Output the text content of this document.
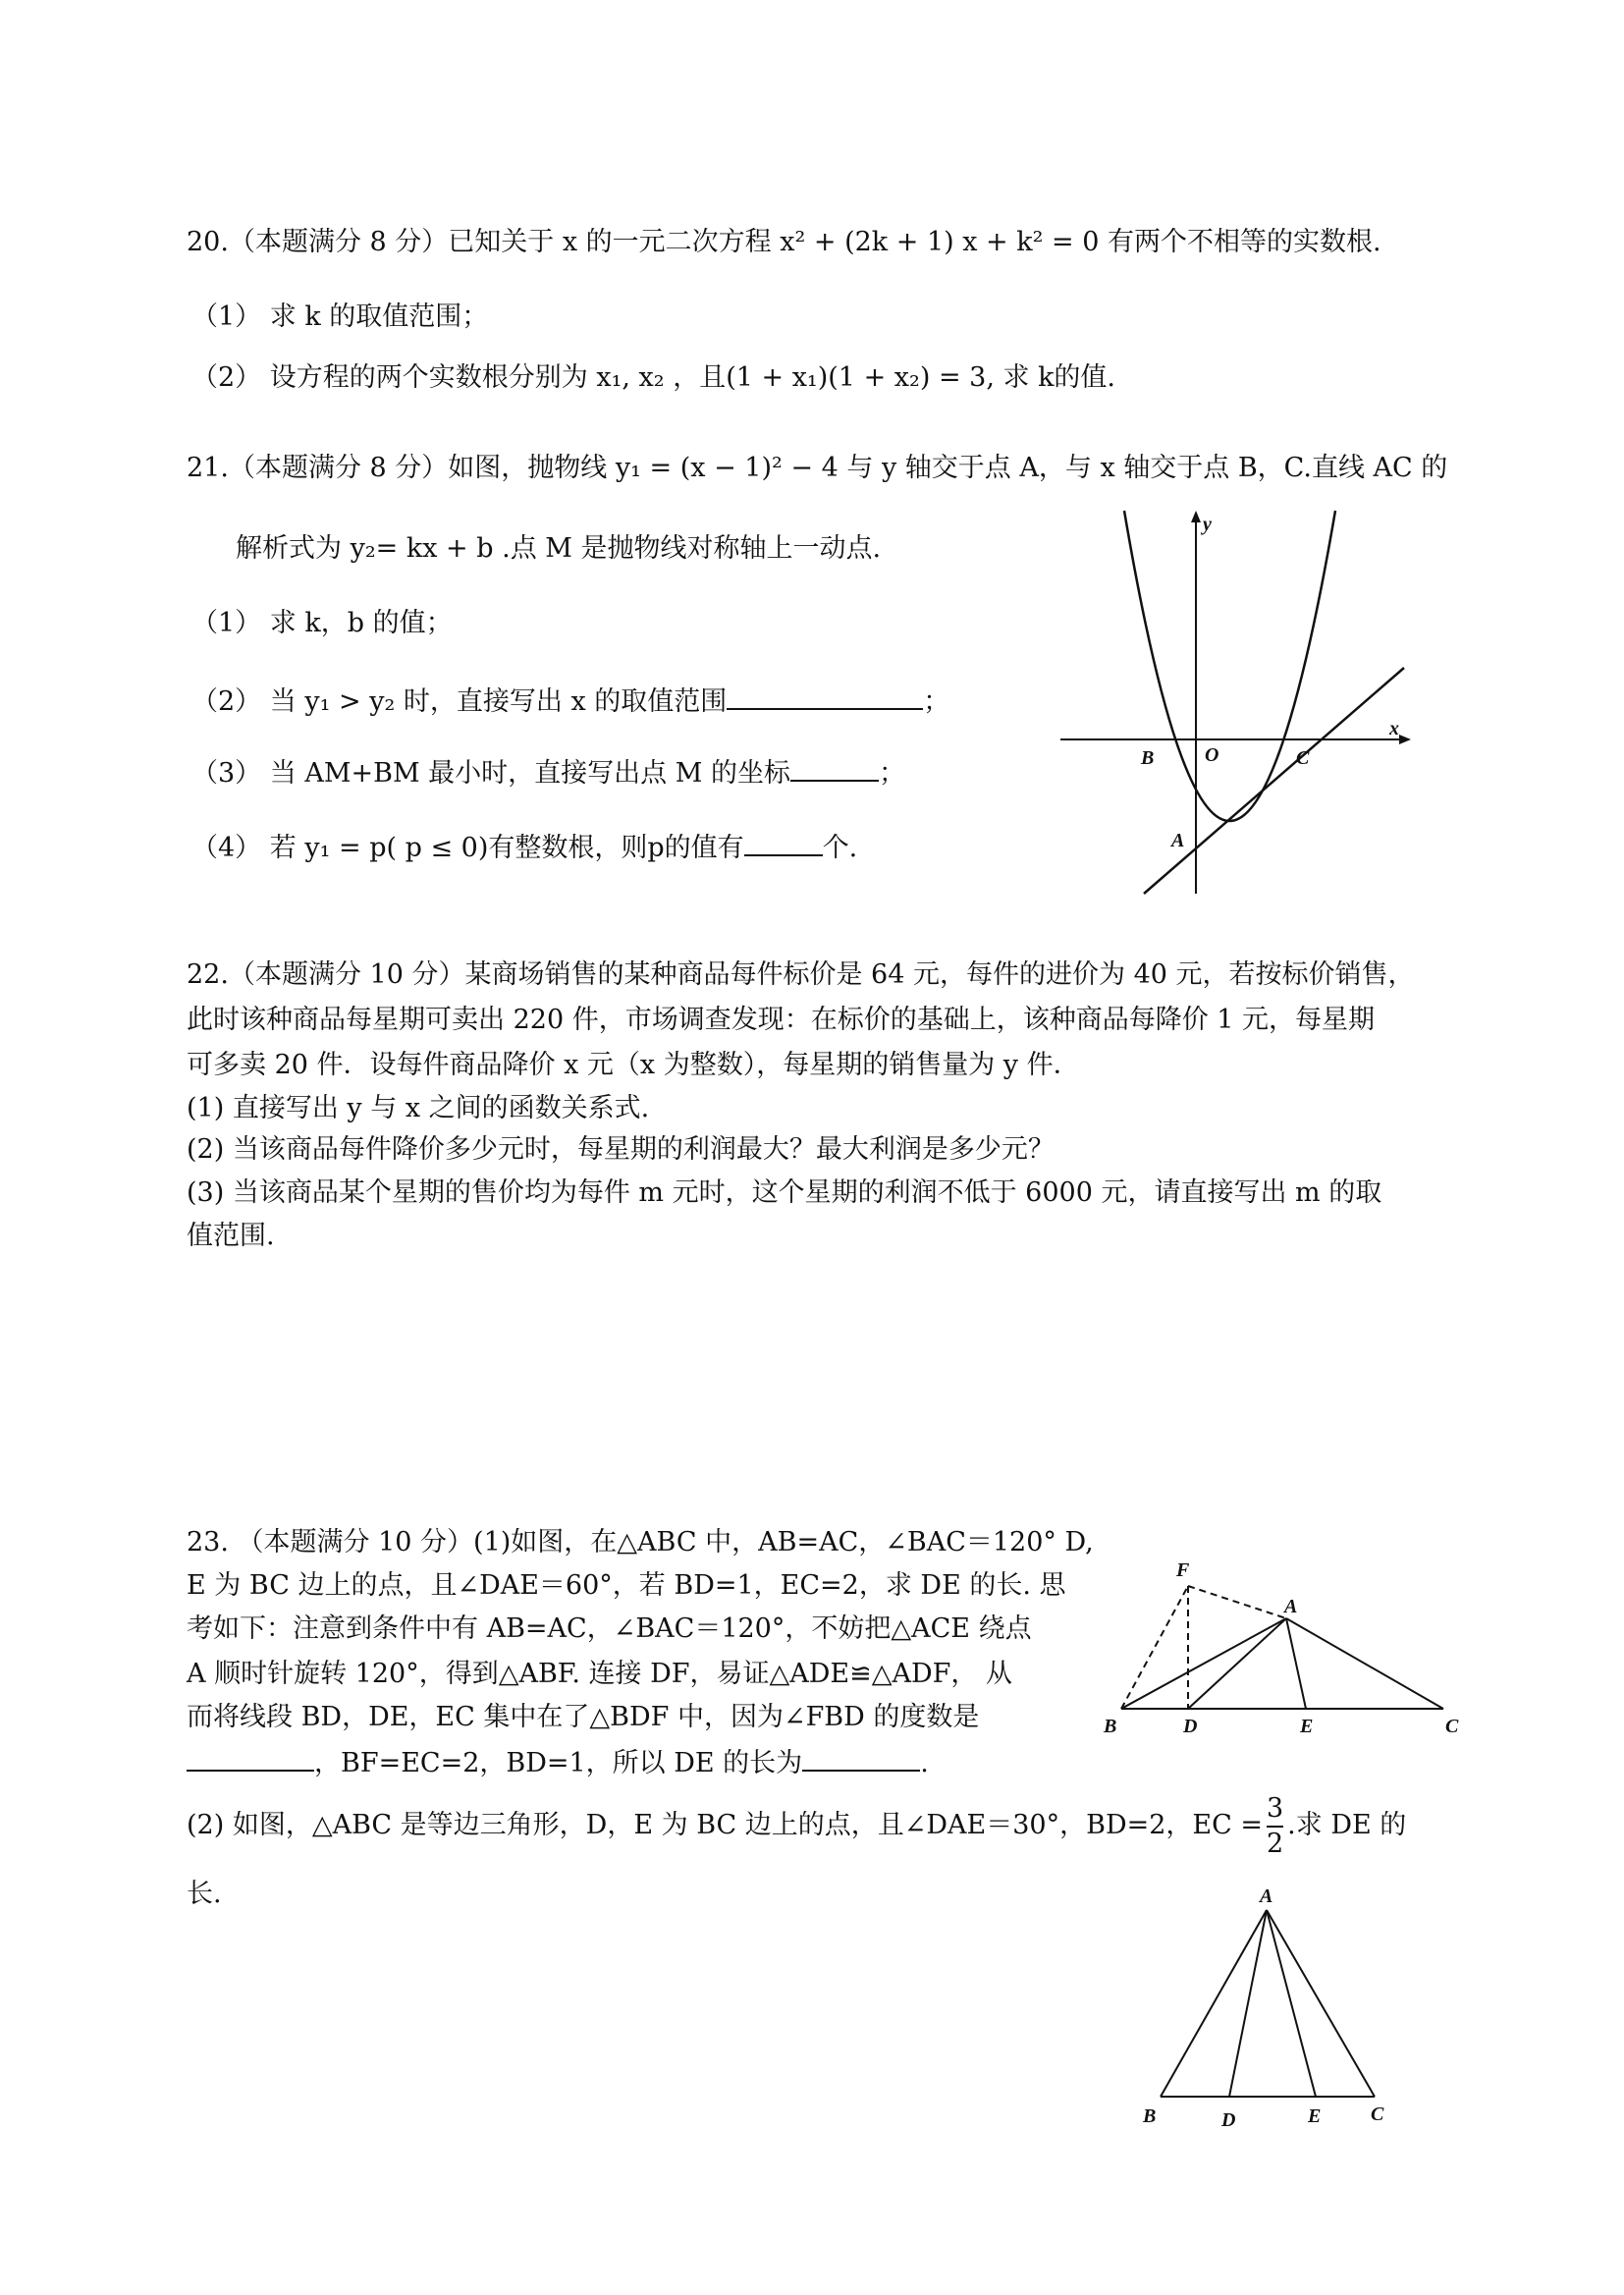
20.（本题满分 8 分）已知关于 x 的一元二次方程 x² + (2k + 1) x + k² = 0 有两个不相等的实数根.
（1） 求 k 的取值范围；
（2） 设方程的两个实数根分别为 x₁, x₂ ，且(1 + x₁)(1 + x₂) = 3, 求 k的值.
21.（本题满分 8 分）如图，抛物线 y₁ = (x − 1)² − 4 与 y 轴交于点 A，与 x 轴交于点 B，C.直线 AC 的
解析式为 y₂= kx + b .点 M 是抛物线对称轴上一动点.
（1） 求 k，b 的值；
（2） 当 y₁ > y₂ 时，直接写出 x 的取值范围	；
（3） 当 AM+BM 最小时，直接写出点 M 的坐标	；
（4） 若 y₁ = p( p ≤ 0)有整数根，则p的值有	个.
y
x
B	O	C
A
22.（本题满分 10 分）某商场销售的某种商品每件标价是 64 元，每件的进价为 40 元，若按标价销售，
此时该种商品每星期可卖出 220 件，市场调查发现：在标价的基础上，该种商品每降价 1 元，每星期
可多卖 20 件．设每件商品降价 x 元（x 为整数），每星期的销售量为 y 件．
(1) 直接写出 y 与 x 之间的函数关系式.
(2) 当该商品每件降价多少元时，每星期的利润最大？最大利润是多少元？
(3) 当该商品某个星期的售价均为每件 m 元时，这个星期的利润不低于 6000 元，请直接写出 m 的取
值范围.
23. （本题满分 10 分）(1)如图，在△ABC 中，AB=AC，∠BAC＝120° D,
E 为 BC 边上的点，且∠DAE＝60°，若 BD=1，EC=2，求 DE 的长. 思
考如下：注意到条件中有 AB=AC，∠BAC＝120°，不妨把△ACE 绕点
A 顺时针旋转 120°，得到△ABF. 连接 DF，易证△ADE≌△ADF， 从
而将线段 BD，DE，EC 集中在了△BDF 中，因为∠FBD 的度数是
，BF=EC=2，BD=1，所以 DE 的长为	.
(2) 如图，△ABC 是等边三角形，D，E 为 BC 边上的点，且∠DAE＝30°，BD=2，EC = $\frac{3}{2}$ .求 DE 的
长.
F
A
B	D	E	C
A
B	D	E	C
